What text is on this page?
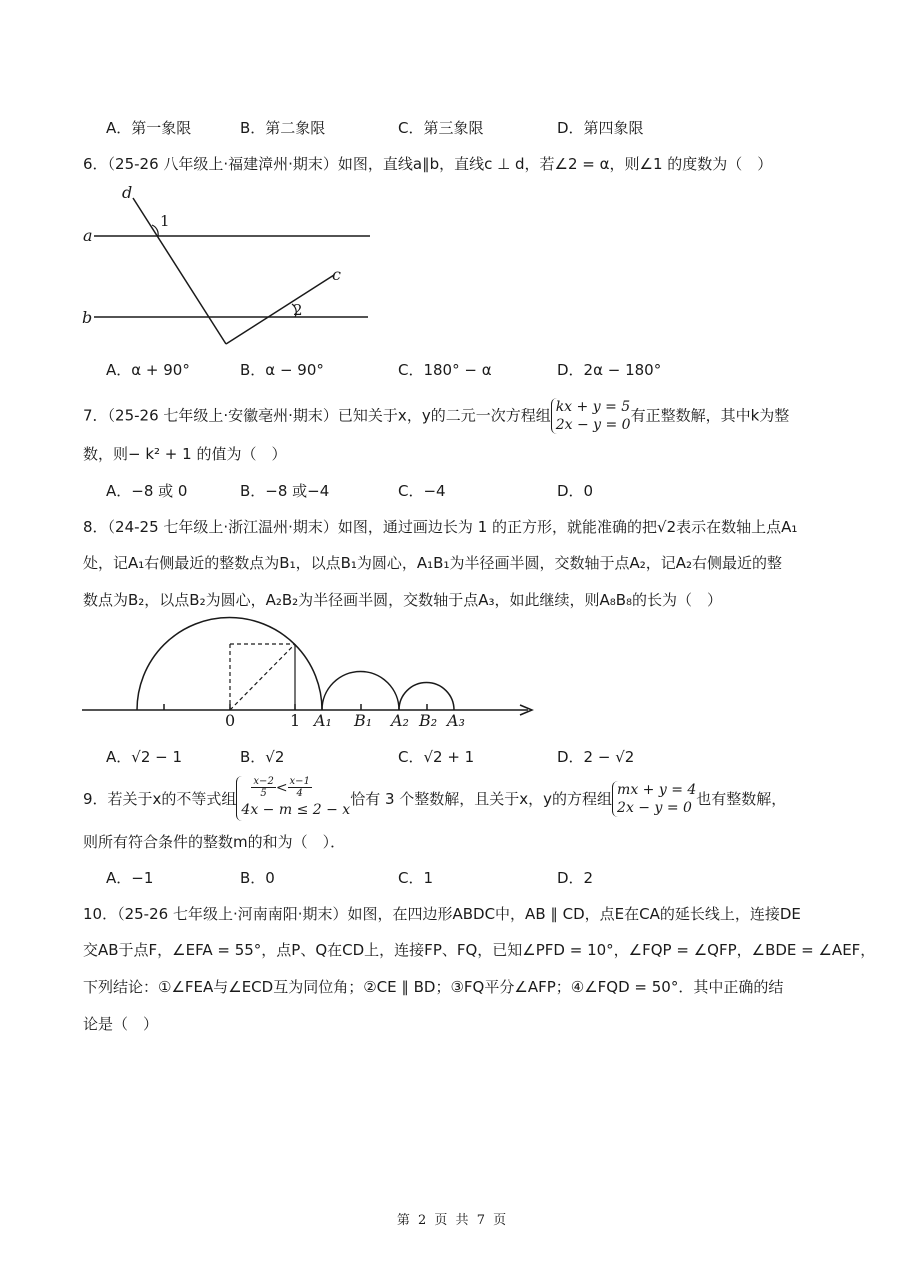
A．第一象限	B．第二象限	C．第三象限	D．第四象限
6．（25-26 八年级上·福建漳州·期末）如图，直线a∥b，直线c ⊥ d，若∠2 = α，则∠1 的度数为（　）
d
a
b
c
1
2
A．α + 90°	B．α − 90°	C．180° − α	D．2α − 180°
7．（25-26 七年级上·安徽亳州·期末）已知关于x，y的二元一次方程组 kx + y = 5
2x − y = 0有正整数解，其中k为整
数，则− k² + 1 的值为（　）
A．−8 或 0	B．−8 或−4	C．−4	D．0
8．（24-25 七年级上·浙江温州·期末）如图，通过画边长为 1 的正方形，就能准确的把√2表示在数轴上点A₁
处，记A₁右侧最近的整数点为B₁，以点B₁为圆心，A₁B₁为半径画半圆，交数轴于点A₂，记A₂右侧最近的整
数点为B₂，以点B₂为圆心，A₂B₂为半径画半圆，交数轴于点A₃，如此继续，则A₈B₈的长为（　）
0	1 A₁ B₁ A₂ B₂ A₃
A．√2 − 1	B．√2	C．√2 + 1	D．2 − √2
9．若关于x的不等式组 $\frac{x-2}{5} < \frac{x-1}{4}$

4x − m ≤ 2 − x恰有 3 个整数解，且关于x，y的方程组mx + y = 4
2x − y = 0 也有整数解，
则所有符合条件的整数m的和为（　）．
A．−1	B．0	C．1	D．2
10．（25-26 七年级上·河南南阳·期末）如图，在四边形ABDC中，AB ∥ CD，点E在CA的延长线上，连接DE
交AB于点F，∠EFA = 55°，点P、Q在CD上，连接FP、FQ，已知∠PFD = 10°，∠FQP = ∠QFP，∠BDE = ∠AEF，
下列结论：①∠FEA与∠ECD互为同位角；②CE ∥ BD；③FQ平分∠AFP；④∠FQD = 50°．其中正确的结
论是（　）
第 2 页 共 7 页
